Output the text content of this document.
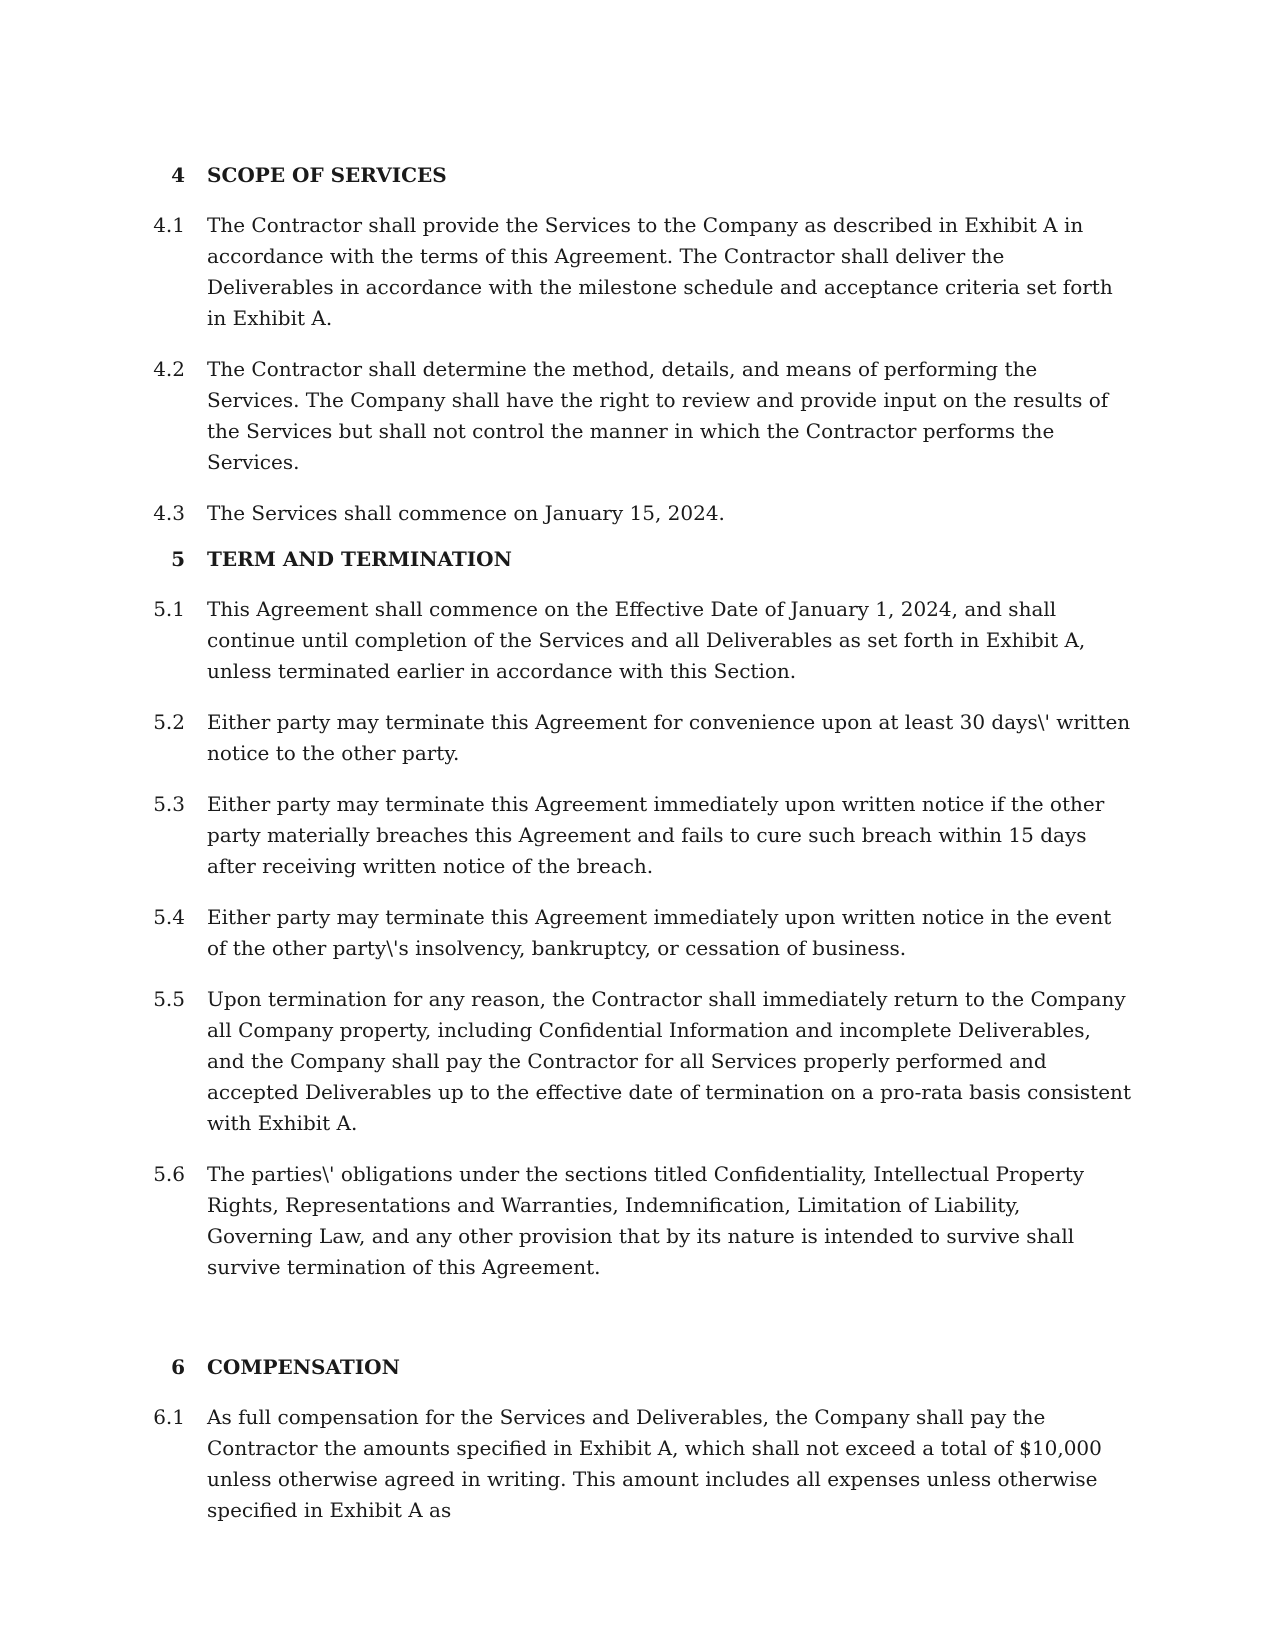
4 SCOPE OF SERVICES
4.1 The Contractor shall provide the Services to the Company as described in Exhibit A in accordance with the terms of this Agreement. The Contractor shall deliver the Deliverables in accordance with the milestone schedule and acceptance criteria set forth in Exhibit A.
4.2 The Contractor shall determine the method, details, and means of performing the Services. The Company shall have the right to review and provide input on the results of the Services but shall not control the manner in which the Contractor performs the Services.
4.3 The Services shall commence on January 15, 2024.
5 TERM AND TERMINATION
5.1 This Agreement shall commence on the Effective Date of January 1, 2024, and shall continue until completion of the Services and all Deliverables as set forth in Exhibit A, unless terminated earlier in accordance with this Section.
5.2 Either party may terminate this Agreement for convenience upon at least 30 days\' written notice to the other party.
5.3 Either party may terminate this Agreement immediately upon written notice if the other party materially breaches this Agreement and fails to cure such breach within 15 days after receiving written notice of the breach.
5.4 Either party may terminate this Agreement immediately upon written notice in the event of the other party\'s insolvency, bankruptcy, or cessation of business.
5.5 Upon termination for any reason, the Contractor shall immediately return to the Company all Company property, including Confidential Information and incomplete Deliverables, and the Company shall pay the Contractor for all Services properly performed and accepted Deliverables up to the effective date of termination on a pro-rata basis consistent with Exhibit A.
5.6 The parties\' obligations under the sections titled Confidentiality, Intellectual Property Rights, Representations and Warranties, Indemnification, Limitation of Liability, Governing Law, and any other provision that by its nature is intended to survive shall survive termination of this Agreement.
6 COMPENSATION
6.1 As full compensation for the Services and Deliverables, the Company shall pay the Contractor the amounts specified in Exhibit A, which shall not exceed a total of $10,000 unless otherwise agreed in writing. This amount includes all expenses unless otherwise specified in Exhibit A as
